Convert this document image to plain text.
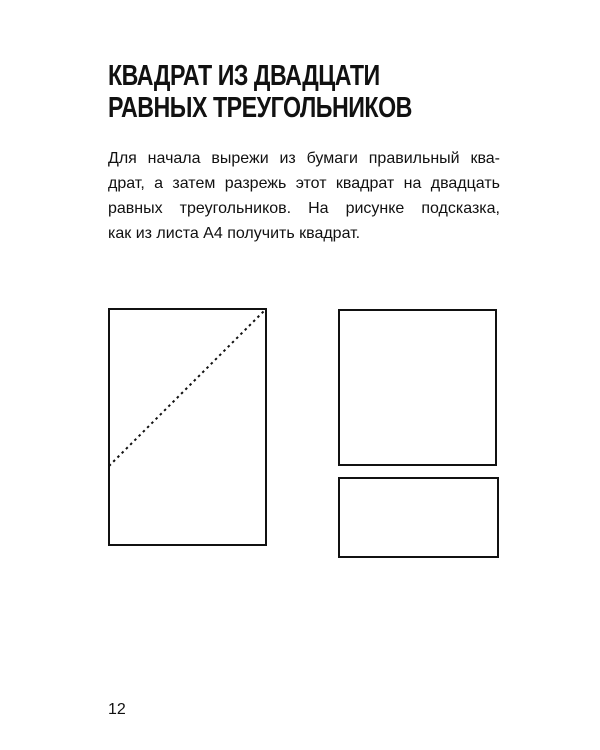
КВАДРАТ ИЗ ДВАДЦАТИ
РАВНЫХ ТРЕУГОЛЬНИКОВ

Для начала вырежи из бумаги правильный ква-
драт, а затем разрежь этот квадрат на двадцать
равных треугольников. На рисунке подсказка,
как из листа А4 получить квадрат.

12
